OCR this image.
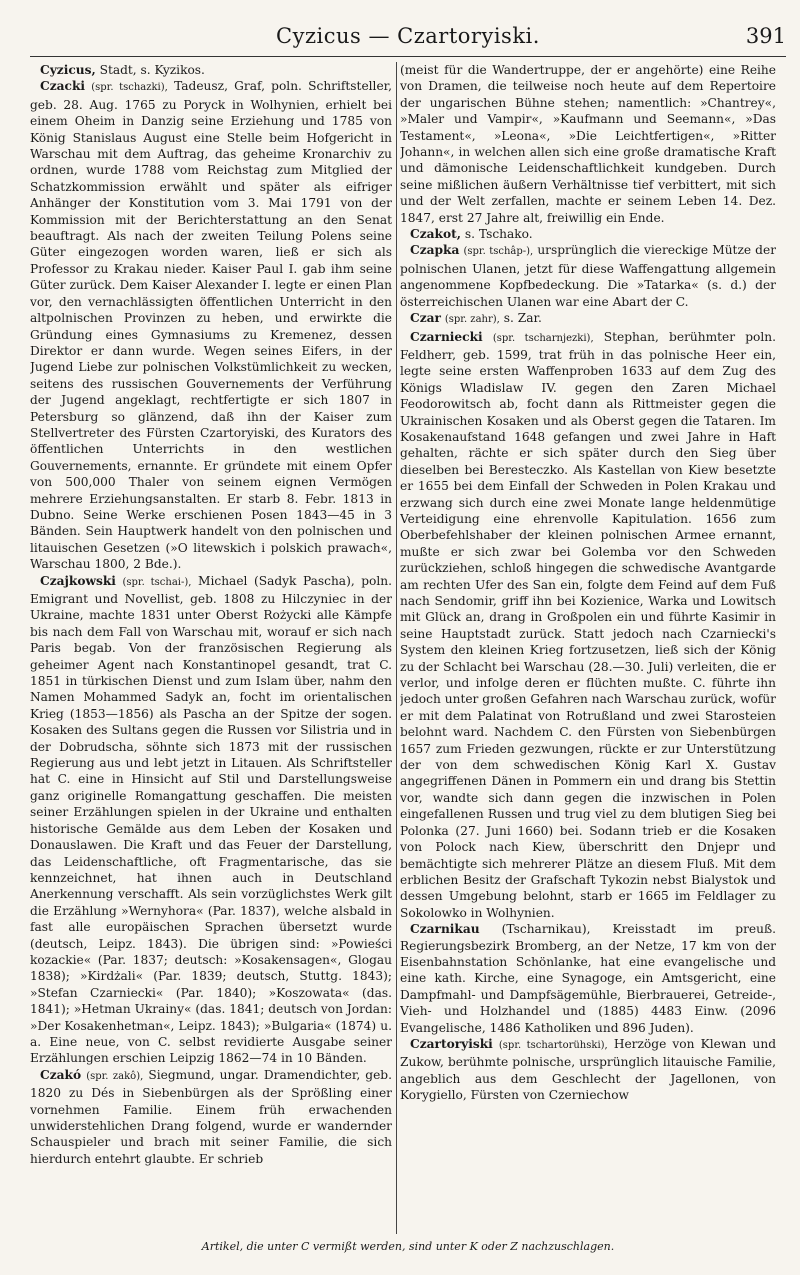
Cyzicus — Czartoryiski.	391

Cyzicus, Stadt, s. Kyzikos.

Czacki (spr. tschazki), Tadeusz, Graf, poln. Schriftsteller, geb. 28. Aug. 1765 zu Poryck in Wolhynien, erhielt bei einem Oheim in Danzig seine Erziehung und 1785 von König Stanislaus August eine Stelle beim Hofgericht in Warschau mit dem Auftrag, das geheime Kronarchiv zu ordnen, wurde 1788 vom Reichstag zum Mitglied der Schatzkommission erwählt und später als eifriger Anhänger der Konstitution vom 3. Mai 1791 von der Kommission mit der Berichterstattung an den Senat beauftragt. Als nach der zweiten Teilung Polens seine Güter eingezogen worden waren, ließ er sich als Professor zu Krakau nieder. Kaiser Paul I. gab ihm seine Güter zurück. Dem Kaiser Alexander I. legte er einen Plan vor, den vernachlässigten öffentlichen Unterricht in den altpolnischen Provinzen zu heben, und erwirkte die Gründung eines Gymnasiums zu Kremenez, dessen Direktor er dann wurde. Wegen seines Eifers, in der Jugend Liebe zur polnischen Volkstümlichkeit zu wecken, seitens des russischen Gouvernements der Verführung der Jugend angeklagt, rechtfertigte er sich 1807 in Petersburg so glänzend, daß ihn der Kaiser zum Stellvertreter des Fürsten Czartoryiski, des Kurators des öffentlichen Unterrichts in den westlichen Gouvernements, ernannte. Er gründete mit einem Opfer von 500,000 Thaler von seinem eignen Vermögen mehrere Erziehungsanstalten. Er starb 8. Febr. 1813 in Dubno. Seine Werke erschienen Posen 1843—45 in 3 Bänden. Sein Hauptwerk handelt von den polnischen und litauischen Gesetzen (»O litewskich i polskich prawach«, Warschau 1800, 2 Bde.).

Czajkowski (spr. tschai-), Michael (Sadyk Pascha), poln. Emigrant und Novellist, geb. 1808 zu Hilczyniec in der Ukraine, machte 1831 unter Oberst Rożycki alle Kämpfe bis nach dem Fall von Warschau mit, worauf er sich nach Paris begab. Von der französischen Regierung als geheimer Agent nach Konstantinopel gesandt, trat C. 1851 in türkischen Dienst und zum Islam über, nahm den Namen Mohammed Sadyk an, focht im orientalischen Krieg (1853—1856) als Pascha an der Spitze der sogen. Kosaken des Sultans gegen die Russen vor Silistria und in der Dobrudscha, söhnte sich 1873 mit der russischen Regierung aus und lebt jetzt in Litauen. Als Schriftsteller hat C. eine in Hinsicht auf Stil und Darstellungsweise ganz originelle Romangattung geschaffen. Die meisten seiner Erzählungen spielen in der Ukraine und enthalten historische Gemälde aus dem Leben der Kosaken und Donauslawen. Die Kraft und das Feuer der Darstellung, das Leidenschaftliche, oft Fragmentarische, das sie kennzeichnet, hat ihnen auch in Deutschland Anerkennung verschafft. Als sein vorzüglichstes Werk gilt die Erzählung »Wernyhora« (Par. 1837), welche alsbald in fast alle europäischen Sprachen übersetzt wurde (deutsch, Leipz. 1843). Die übrigen sind: »Powieści kozackie« (Par. 1837; deutsch: »Kosakensagen«, Glogau 1838); »Kirdżali« (Par. 1839; deutsch, Stuttg. 1843); »Stefan Czarniecki« (Par. 1840); »Koszowata« (das. 1841); »Hetman Ukrainy« (das. 1841; deutsch von Jordan: »Der Kosakenhetman«, Leipz. 1843); »Bulgaria« (1874) u. a. Eine neue, von C. selbst revidierte Ausgabe seiner Erzählungen erschien Leipzig 1862—74 in 10 Bänden.

Czakó (spr. zakô), Siegmund, ungar. Dramendichter, geb. 1820 zu Dés in Siebenbürgen als der Sprößling einer vornehmen Familie. Einem früh erwachenden unwiderstehlichen Drang folgend, wurde er wandernder Schauspieler und brach mit seiner Familie, die sich hierdurch entehrt glaubte. Er schrieb

(meist für die Wandertruppe, der er angehörte) eine Reihe von Dramen, die teilweise noch heute auf dem Repertoire der ungarischen Bühne stehen; namentlich: »Chantrey«, »Maler und Vampir«, »Kaufmann und Seemann«, »Das Testament«, »Leona«, »Die Leichtfertigen«, »Ritter Johann«, in welchen allen sich eine große dramatische Kraft und dämonische Leidenschaftlichkeit kundgeben. Durch seine mißlichen äußern Verhältnisse tief verbittert, mit sich und der Welt zerfallen, machte er seinem Leben 14. Dez. 1847, erst 27 Jahre alt, freiwillig ein Ende.

Czakot, s. Tschako.

Czapka (spr. tschâp-), ursprünglich die viereckige Mütze der polnischen Ulanen, jetzt für diese Waffengattung allgemein angenommene Kopfbedeckung. Die »Tatarka« (s. d.) der österreichischen Ulanen war eine Abart der C.

Czar (spr. zahr), s. Zar.

Czarniecki (spr. tscharnjezki), Stephan, berühmter poln. Feldherr, geb. 1599, trat früh in das polnische Heer ein, legte seine ersten Waffenproben 1633 auf dem Zug des Königs Wladislaw IV. gegen den Zaren Michael Feodorowitsch ab, focht dann als Rittmeister gegen die Ukrainischen Kosaken und als Oberst gegen die Tataren. Im Kosakenaufstand 1648 gefangen und zwei Jahre in Haft gehalten, rächte er sich später durch den Sieg über dieselben bei Beresteczko. Als Kastellan von Kiew besetzte er 1655 bei dem Einfall der Schweden in Polen Krakau und erzwang sich durch eine zwei Monate lange heldenmütige Verteidigung eine ehrenvolle Kapitulation. 1656 zum Oberbefehlshaber der kleinen polnischen Armee ernannt, mußte er sich zwar bei Golemba vor den Schweden zurückziehen, schloß hingegen die schwedische Avantgarde am rechten Ufer des San ein, folgte dem Feind auf dem Fuß nach Sendomir, griff ihn bei Kozienice, Warka und Lowitsch mit Glück an, drang in Großpolen ein und führte Kasimir in seine Hauptstadt zurück. Statt jedoch nach Czarniecki's System den kleinen Krieg fortzusetzen, ließ sich der König zu der Schlacht bei Warschau (28.—30. Juli) verleiten, die er verlor, und infolge deren er flüchten mußte. C. führte ihn jedoch unter großen Gefahren nach Warschau zurück, wofür er mit dem Palatinat von Rotrußland und zwei Starosteien belohnt ward. Nachdem C. den Fürsten von Siebenbürgen 1657 zum Frieden gezwungen, rückte er zur Unterstützung der von dem schwedischen König Karl X. Gustav angegriffenen Dänen in Pommern ein und drang bis Stettin vor, wandte sich dann gegen die inzwischen in Polen eingefallenen Russen und trug viel zu dem blutigen Sieg bei Polonka (27. Juni 1660) bei. Sodann trieb er die Kosaken von Polock nach Kiew, überschritt den Dnjepr und bemächtigte sich mehrerer Plätze an diesem Fluß. Mit dem erblichen Besitz der Grafschaft Tykozin nebst Bialystok und dessen Umgebung belohnt, starb er 1665 im Feldlager zu Sokolowko in Wolhynien.

Czarnikau (Tscharnikau), Kreisstadt im preuß. Regierungsbezirk Bromberg, an der Netze, 17 km von der Eisenbahnstation Schönlanke, hat eine evangelische und eine kath. Kirche, eine Synagoge, ein Amtsgericht, eine Dampfmahl- und Dampfsägemühle, Bierbrauerei, Getreide-, Vieh- und Holzhandel und (1885) 4483 Einw. (2096 Evangelische, 1486 Katholiken und 896 Juden).

Czartoryiski (spr. tschartorühski), Herzöge von Klewan und Zukow, berühmte polnische, ursprünglich litauische Familie, angeblich aus dem Geschlecht der Jagellonen, von Korygiello, Fürsten von Czerniechow

Artikel, die unter C vermißt werden, sind unter K oder Z nachzuschlagen.
